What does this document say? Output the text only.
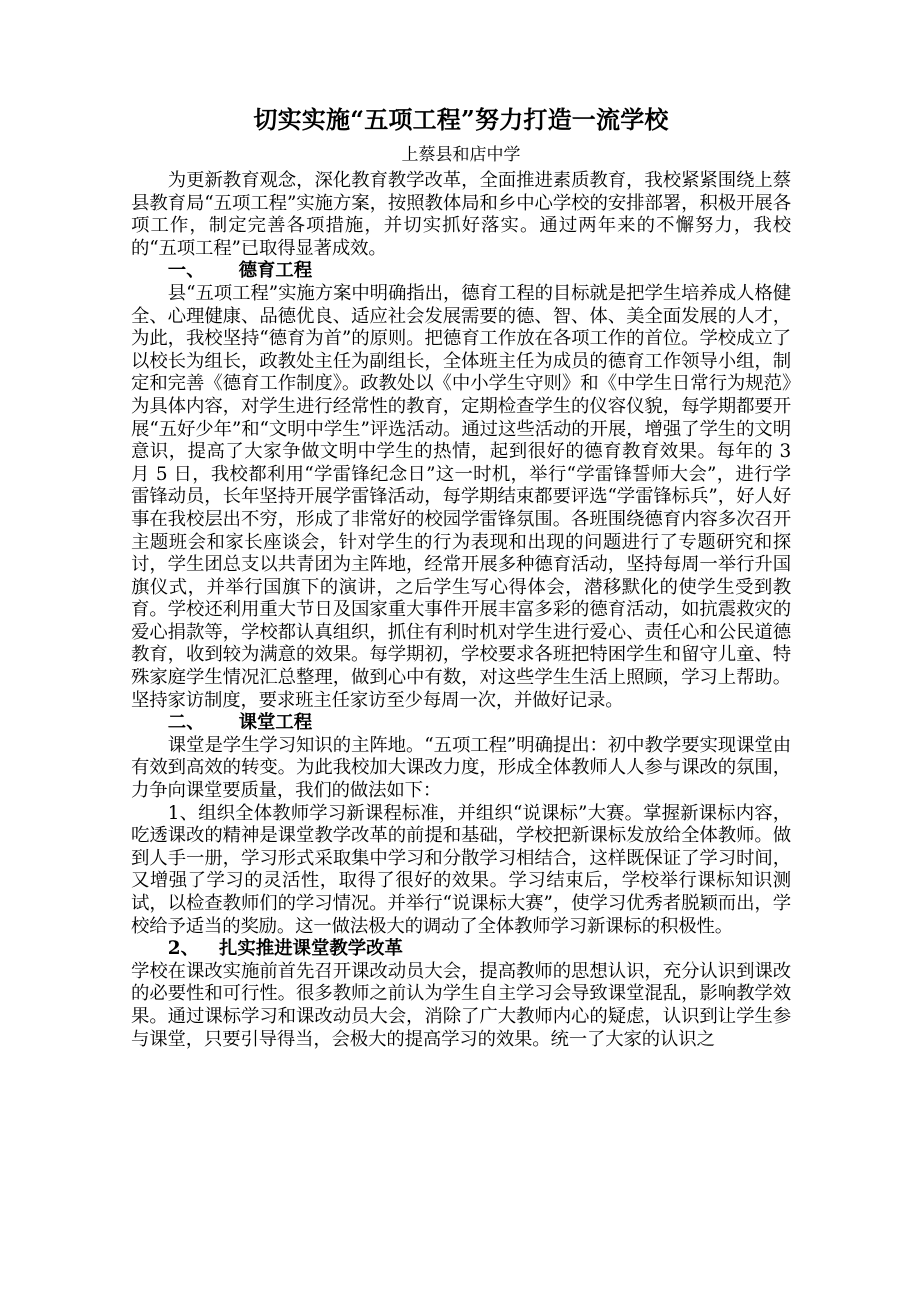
切实实施“五项工程”努力打造一流学校
上蔡县和店中学

为更新教育观念，深化教育教学改革，全面推进素质教育，我校紧紧围绕上蔡县教育局“五项工程”实施方案，按照教体局和乡中心学校的安排部署，积极开展各项工作，制定完善各项措施，并切实抓好落实。通过两年来的不懈努力，我校的“五项工程”已取得显著成效。

一、 德育工程

县“五项工程”实施方案中明确指出，德育工程的目标就是把学生培养成人格健全、心理健康、品德优良、适应社会发展需要的德、智、体、美全面发展的人才，为此，我校坚持“德育为首”的原则。把德育工作放在各项工作的首位。学校成立了以校长为组长，政教处主任为副组长，全体班主任为成员的德育工作领导小组，制定和完善《德育工作制度》。政教处以《中小学生守则》和《中学生日常行为规范》为具体内容，对学生进行经常性的教育，定期检查学生的仪容仪貌，每学期都要开展“五好少年”和“文明中学生”评选活动。通过这些活动的开展，增强了学生的文明意识，提高了大家争做文明中学生的热情，起到很好的德育教育效果。每年的 3 月 5 日，我校都利用“学雷锋纪念日”这一时机，举行“学雷锋誓师大会”，进行学雷锋动员，长年坚持开展学雷锋活动，每学期结束都要评选“学雷锋标兵”，好人好事在我校层出不穷，形成了非常好的校园学雷锋氛围。各班围绕德育内容多次召开主题班会和家长座谈会，针对学生的行为表现和出现的问题进行了专题研究和探讨，学生团总支以共青团为主阵地，经常开展多种德育活动，坚持每周一举行升国旗仪式，并举行国旗下的演讲，之后学生写心得体会，潜移默化的使学生受到教育。学校还利用重大节日及国家重大事件开展丰富多彩的德育活动，如抗震救灾的爱心捐款等，学校都认真组织，抓住有利时机对学生进行爱心、责任心和公民道德教育，收到较为满意的效果。每学期初，学校要求各班把特困学生和留守儿童、特殊家庭学生情况汇总整理，做到心中有数，对这些学生生活上照顾，学习上帮助。坚持家访制度，要求班主任家访至少每周一次，并做好记录。

二、 课堂工程

课堂是学生学习知识的主阵地。“五项工程”明确提出：初中教学要实现课堂由有效到高效的转变。为此我校加大课改力度，形成全体教师人人参与课改的氛围，力争向课堂要质量，我们的做法如下：

1、组织全体教师学习新课程标准，并组织“说课标”大赛。掌握新课标内容，吃透课改的精神是课堂教学改革的前提和基础，学校把新课标发放给全体教师。做到人手一册，学习形式采取集中学习和分散学习相结合，这样既保证了学习时间，又增强了学习的灵活性，取得了很好的效果。学习结束后，学校举行课标知识测试，以检查教师们的学习情况。并举行“说课标大赛”，使学习优秀者脱颖而出，学校给予适当的奖励。这一做法极大的调动了全体教师学习新课标的积极性。

2、 扎实推进课堂教学改革

学校在课改实施前首先召开课改动员大会，提高教师的思想认识，充分认识到课改的必要性和可行性。很多教师之前认为学生自主学习会导致课堂混乱，影响教学效果。通过课标学习和课改动员大会，消除了广大教师内心的疑虑，认识到让学生参与课堂，只要引导得当，会极大的提高学习的效果。统一了大家的认识之
